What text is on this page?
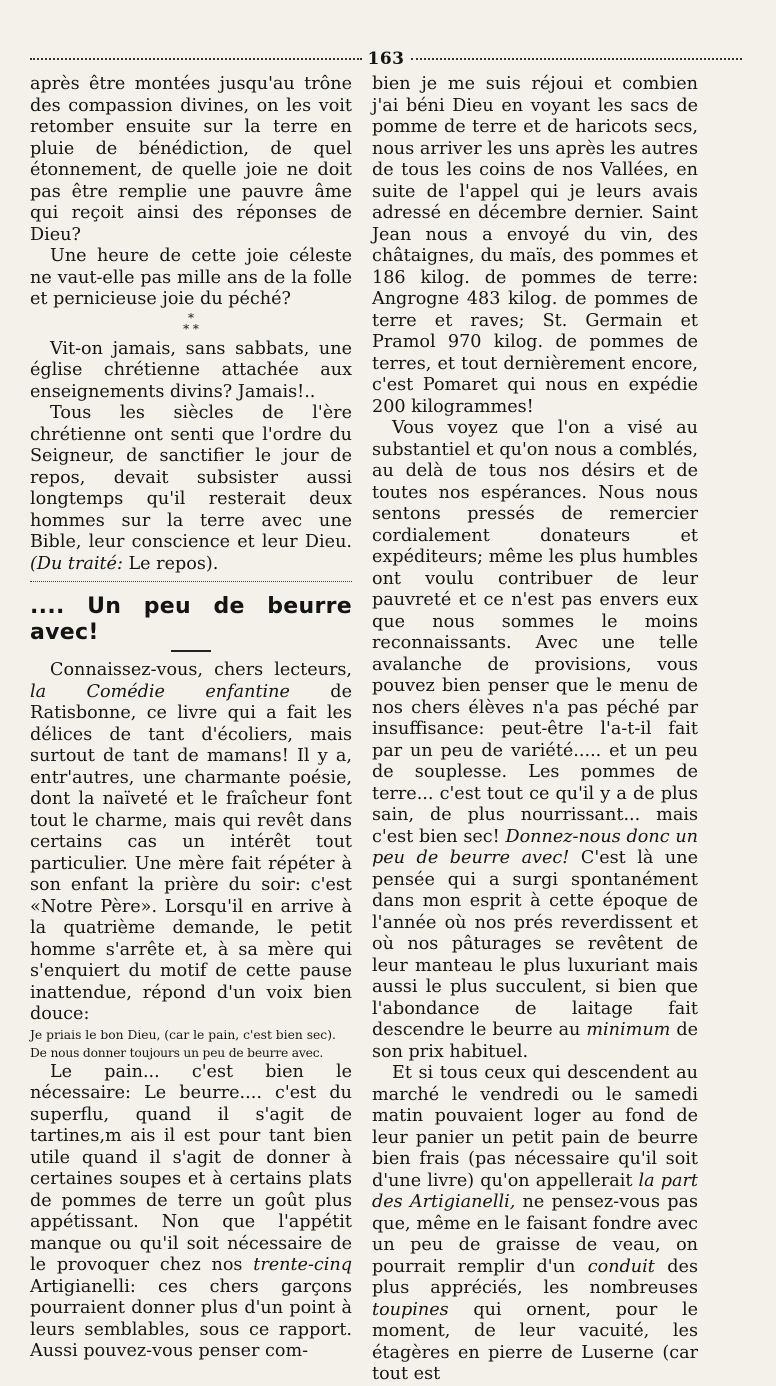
163

après être montées jusqu'au trône des compassion divines, on les voit retomber ensuite sur la terre en pluie de bénédiction, de quel étonnement, de quelle joie ne doit pas être remplie une pauvre âme qui reçoit ainsi des réponses de Dieu?

Une heure de cette joie céleste ne vaut-elle pas mille ans de la folle et pernicieuse joie du péché?

*
* *

Vit-on jamais, sans sabbats, une église chrétienne attachée aux enseignements divins? Jamais!..

Tous les siècles de l'ère chrétienne ont senti que l'ordre du Seigneur, de sanctifier le jour de repos, devait subsister aussi longtemps qu'il resterait deux hommes sur la terre avec une Bible, leur conscience et leur Dieu. (Du traité: Le repos).

.... Un peu de beurre avec!

Connaissez-vous, chers lecteurs, la Comédie enfantine de Ratisbonne, ce livre qui a fait les délices de tant d'écoliers, mais surtout de tant de mamans! Il y a, entr'autres, une charmante poésie, dont la naïveté et le fraîcheur font tout le charme, mais qui revêt dans certains cas un intérêt tout particulier. Une mère fait répéter à son enfant la prière du soir: c'est «Notre Père». Lorsqu'il en arrive à la quatrième demande, le petit homme s'arrête et, à sa mère qui s'enquiert du motif de cette pause inattendue, répond d'un voix bien douce:

Je priais le bon Dieu, (car le pain, c'est bien sec).

De nous donner toujours un peu de beurre avec.

Le pain... c'est bien le nécessaire: Le beurre.... c'est du superflu, quand il s'agit de tartines,m ais il est pour tant bien utile quand il s'agit de donner à certaines soupes et à certains plats de pommes de terre un goût plus appétissant. Non que l'appétit manque ou qu'il soit nécessaire de le provoquer chez nos trente-cinq Artigianelli: ces chers garçons pourraient donner plus d'un point à leurs semblables, sous ce rapport. Aussi pouvez-vous penser com-

bien je me suis réjoui et combien j'ai béni Dieu en voyant les sacs de pomme de terre et de haricots secs, nous arriver les uns après les autres de tous les coins de nos Vallées, en suite de l'appel qui je leurs avais adressé en décembre dernier. Saint Jean nous a envoyé du vin, des châtaignes, du maïs, des pommes et 186 kilog. de pommes de terre: Angrogne 483 kilog. de pommes de terre et raves; St. Germain et Pramol 970 kilog. de pommes de terres, et tout dernièrement encore, c'est Pomaret qui nous en expédie 200 kilogrammes!

Vous voyez que l'on a visé au substantiel et qu'on nous a comblés, au delà de tous nos désirs et de toutes nos espérances. Nous nous sentons pressés de remercier cordialement donateurs et expéditeurs; même les plus humbles ont voulu contribuer de leur pauvreté et ce n'est pas envers eux que nous sommes le moins reconnaissants. Avec une telle avalanche de provisions, vous pouvez bien penser que le menu de nos chers élèves n'a pas péché par insuffisance: peut-être l'a-t-il fait par un peu de variété..... et un peu de souplesse. Les pommes de terre... c'est tout ce qu'il y a de plus sain, de plus nourrissant... mais c'est bien sec! Donnez-nous donc un peu de beurre avec! C'est là une pensée qui a surgi spontanément dans mon esprit à cette époque de l'année où nos prés reverdissent et où nos pâturages se revêtent de leur manteau le plus luxuriant mais aussi le plus succulent, si bien que l'abondance de laitage fait descendre le beurre au minimum de son prix habituel.

Et si tous ceux qui descendent au marché le vendredi ou le samedi matin pouvaient loger au fond de leur panier un petit pain de beurre bien frais (pas nécessaire qu'il soit d'une livre) qu'on appellerait la part des Artigianelli, ne pensez-vous pas que, même en le faisant fondre avec un peu de graisse de veau, on pourrait remplir d'un conduit des plus appréciés, les nombreuses toupines qui ornent, pour le moment, de leur vacuité, les étagères en pierre de Luserne (car tout est
